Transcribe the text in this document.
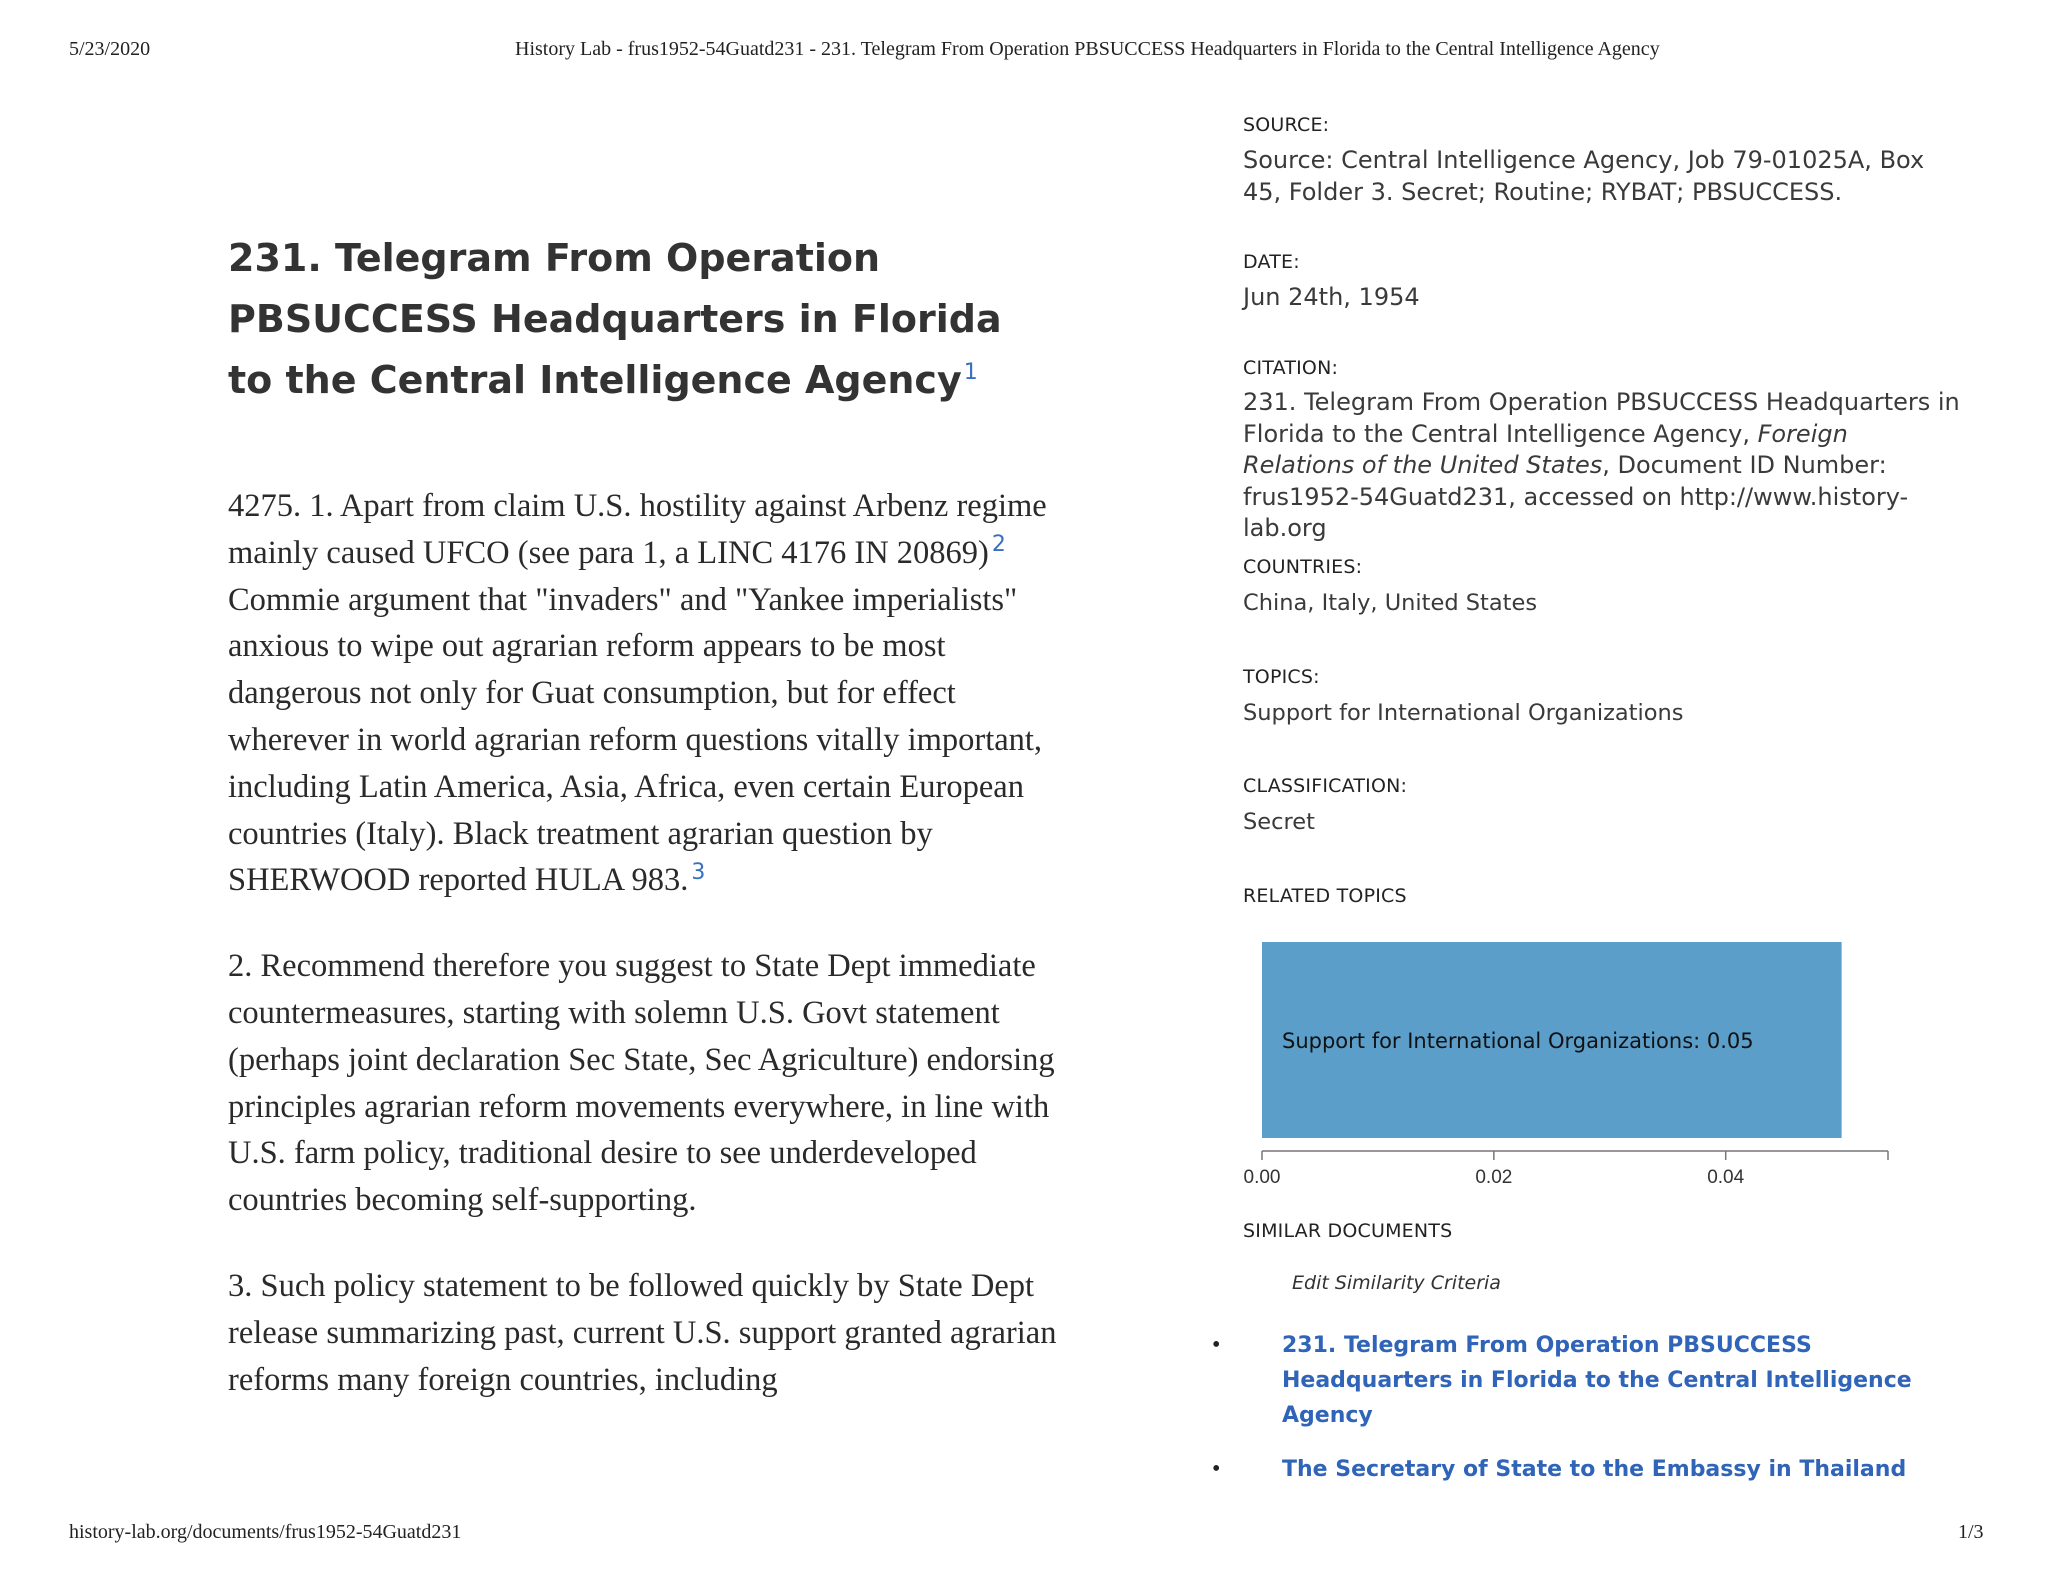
5/23/2020	History Lab - frus1952-54Guatd231 - 231. Telegram From Operation PBSUCCESS Headquarters in Florida to the Central Intelligence Agency
231. Telegram From Operation PBSUCCESS Headquarters in Florida to the Central Intelligence Agency$^1$

4275. 1. Apart from claim U.S. hostility against Arbenz regime mainly caused UFCO (see para 1, a LINC 4176 IN 20869) $^2$ Commie argument that "invaders" and "Yankee imperialists" anxious to wipe out agrarian reform appears to be most dangerous not only for Guat consumption, but for effect wherever in world agrarian reform questions vitally important, including Latin America, Asia, Africa, even certain European countries (Italy). Black treatment agrarian question by SHERWOOD reported HULA 983. $^3$

2. Recommend therefore you suggest to State Dept immediate countermeasures, starting with solemn U.S. Govt statement (perhaps joint declaration Sec State, Sec Agriculture) endorsing principles agrarian reform movements everywhere, in line with U.S. farm policy, traditional desire to see underdeveloped countries becoming self-supporting.

3. Such policy statement to be followed quickly by State Dept release summarizing past, current U.S. support granted agrarian reforms many foreign countries, including

SOURCE:
Source: Central Intelligence Agency, Job 79-01025A, Box 45, Folder 3. Secret; Routine; RYBAT; PBSUCCESS.
DATE:
Jun 24th, 1954
CITATION:
231. Telegram From Operation PBSUCCESS Headquarters in Florida to the Central Intelligence Agency, Foreign Relations of the United States, Document ID Number: frus1952-54Guatd231, accessed on http://www.history-lab.org
COUNTRIES:
China, Italy, United States
TOPICS:
Support for International Organizations
CLASSIFICATION:
Secret
RELATED TOPICS
Support for International Organizations: 0.05
0.00	0.02	0.04
SIMILAR DOCUMENTS
Edit Similarity Criteria
•	231. Telegram From Operation PBSUCCESS Headquarters in Florida to the Central Intelligence Agency
•	The Secretary of State to the Embassy in Thailand
history-lab.org/documents/frus1952-54Guatd231	1/3
